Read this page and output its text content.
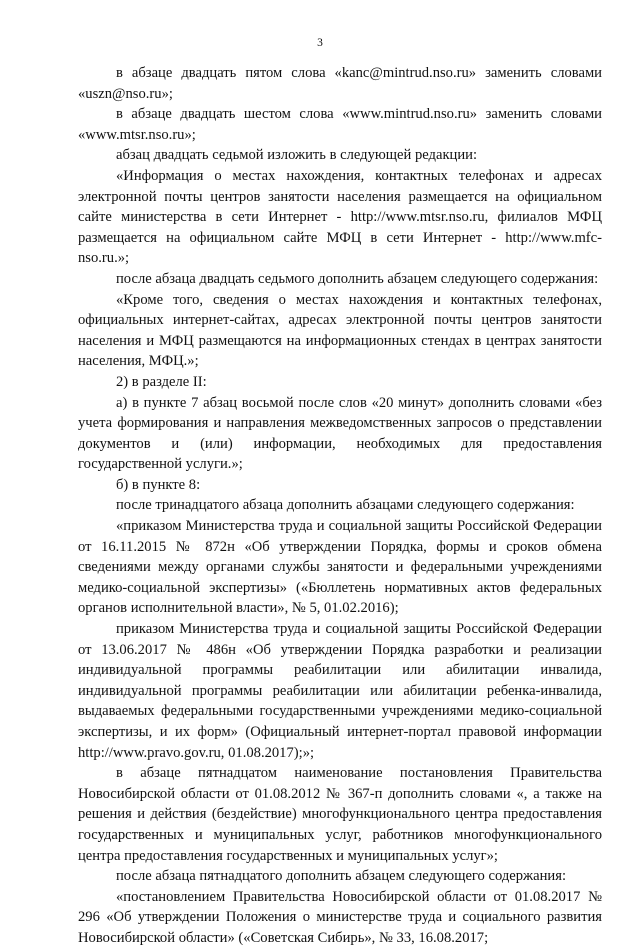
3

в абзаце двадцать пятом слова «kanc@mintrud.nso.ru» заменить словами «uszn@nso.ru»;

в абзаце двадцать шестом слова «www.mintrud.nso.ru» заменить словами «www.mtsr.nso.ru»;

абзац двадцать седьмой изложить в следующей редакции:

«Информация о местах нахождения, контактных телефонах и адресах электронной почты центров занятости населения размещается на официальном сайте министерства в сети Интернет - http://www.mtsr.nso.ru, филиалов МФЦ размещается на официальном сайте МФЦ в сети Интернет - http://www.mfc-nso.ru.»;

после абзаца двадцать седьмого дополнить абзацем следующего содержания:

«Кроме того, сведения о местах нахождения и контактных телефонах, официальных интернет-сайтах, адресах электронной почты центров занятости населения и МФЦ размещаются на информационных стендах в центрах занятости населения, МФЦ.»;

2) в разделе II:

а) в пункте 7 абзац восьмой после слов «20 минут» дополнить словами «без учета формирования и направления межведомственных запросов о представлении документов и (или) информации, необходимых для предоставления государственной услуги.»;

б) в пункте 8:

после тринадцатого абзаца дополнить абзацами следующего содержания:

«приказом Министерства труда и социальной защиты Российской Федерации от 16.11.2015 № 872н «Об утверждении Порядка, формы и сроков обмена сведениями между органами службы занятости и федеральными учреждениями медико-социальной экспертизы» («Бюллетень нормативных актов федеральных органов исполнительной власти», № 5, 01.02.2016);

приказом Министерства труда и социальной защиты Российской Федерации от 13.06.2017 № 486н «Об утверждении Порядка разработки и реализации индивидуальной программы реабилитации или абилитации инвалида, индивидуальной программы реабилитации или абилитации ребенка-инвалида, выдаваемых федеральными государственными учреждениями медико-социальной экспертизы, и их форм» (Официальный интернет-портал правовой информации http://www.pravo.gov.ru, 01.08.2017);»;

в абзаце пятнадцатом наименование постановления Правительства Новосибирской области от 01.08.2012 № 367-п дополнить словами «, а также на решения и действия (бездействие) многофункционального центра предоставления государственных и муниципальных услуг, работников многофункционального центра предоставления государственных и муниципальных услуг»;

после абзаца пятнадцатого дополнить абзацем следующего содержания:

«постановлением Правительства Новосибирской области от 01.08.2017 № 296 «Об утверждении Положения о министерстве труда и социального развития Новосибирской области» («Советская Сибирь», № 33, 16.08.2017;
